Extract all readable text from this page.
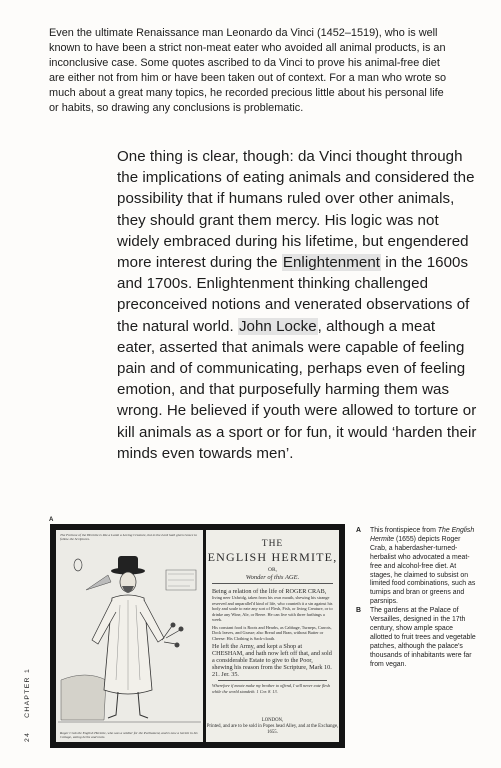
Even the ultimate Renaissance man Leonardo da Vinci (1452–1519), who is well known to have been a strict non-meat eater who avoided all animal products, is an inconclusive case. Some quotes ascribed to da Vinci to prove his animal-free diet are either not from him or have been taken out of context. For a man who wrote so much about a great many topics, he recorded precious little about his personal life or habits, so drawing any conclusions is problematic.

One thing is clear, though: da Vinci thought through the implications of eating animals and considered the possibility that if humans ruled over other animals, they should grant them mercy. His logic was not widely embraced during his lifetime, but engendered more interest during the Enlightenment in the 1600s and 1700s. Enlightenment thinking challenged preconceived notions and venerated observations of the natural world. John Locke, although a meat eater, asserted that animals were capable of feeling pain and of communicating, perhaps even of feeling emotion, and that purposefully harming them was wrong. He believed if youth were allowed to torture or kill animals as a sport or for fun, it would ‘harden their minds even towards men’.

A
The Fortune of the Hermite is like a Lamb a Loving Creature, but to the Lord hath given Grace to follow the Scriptures.
Roger Crab the English Hermite, who was a soldier for the Parliament, and is now a hermit in his Cottage, eating herbs and roots.
THE
ENGLISH HERMITE,
OR,
Wonder of this AGE.
Being a relation of the life of ROGER CRAB,
living neer Uxbridg, taken from his own mouth, shewing his strange reserved and unparallel'd kind of life, who counteth it a sin against his body and soule to eate any sort of Flesh, Fish, or living Creature, or to drinke any Wine, Ale, or Beere. He can live with three farthings a week.
His constant food is Roots and Hearbs, as Cabbage, Turneps, Carrots, Dock leaves, and Grasse; also Bread and Bran, without Butter or Cheese: His Clothing is Sack-cloath.
He left the Army, and kept a Shop at CHESHAM, and hath now left off that, and sold a considerable Estate to give to the Poor, shewing his reason from the Scripture, Mark 10. 21. Jer. 35.
Wherefore if meate make my brother to offend, I will never eate flesh while the world standeth. 1 Cor. 8. 13.
LONDON,
Printed, and are to be sold in Popes head Alley, and at the Exchange, 1655.

A This frontispiece from The English Hermite (1655) depicts Roger Crab, a haberdasher-turned-herbalist who advocated a meat-free and alcohol-free diet. At stages, he claimed to subsist on limited food combinations, such as turnips and bran or greens and parsnips.

B The gardens at the Palace of Versailles, designed in the 17th century, show ample space allotted to fruit trees and vegetable patches, although the palace's thousands of inhabitants were far from vegan.

24CHAPTER 1
